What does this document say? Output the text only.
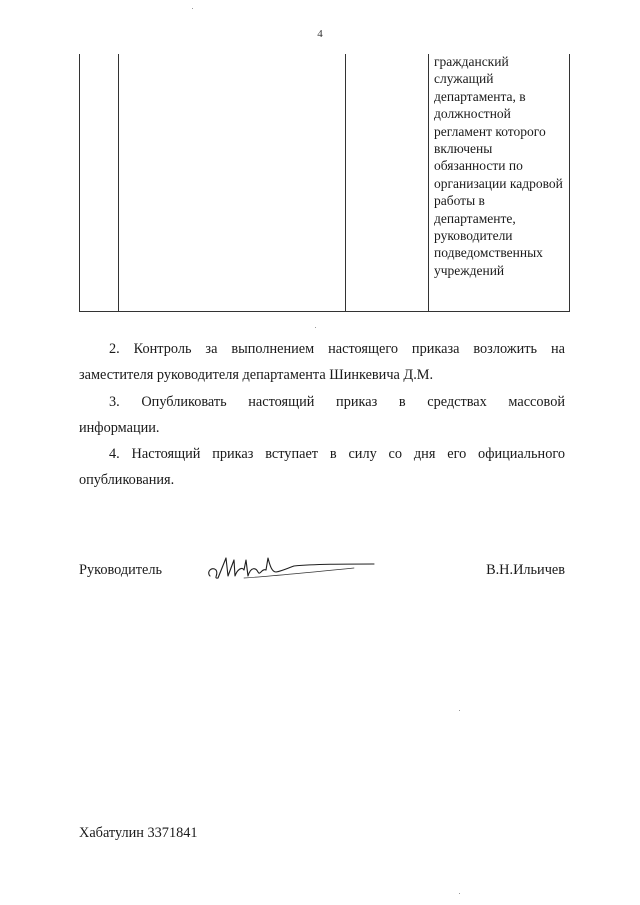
4

гражданский служащий департамента, в должностной регламент которого включены обязанности по организации кадровой работы в департаменте, руководители подведомственных учреждений
2. Контроль за выполнением настоящего приказа возложить на
заместителя руководителя департамента Шинкевича Д.М.
3. Опубликовать настоящий приказ в средствах массовой
информации.
4. Настоящий приказ вступает в силу со дня его официального
опубликования.
Руководитель	В.Н.Ильичев
Хабатулин 3371841
